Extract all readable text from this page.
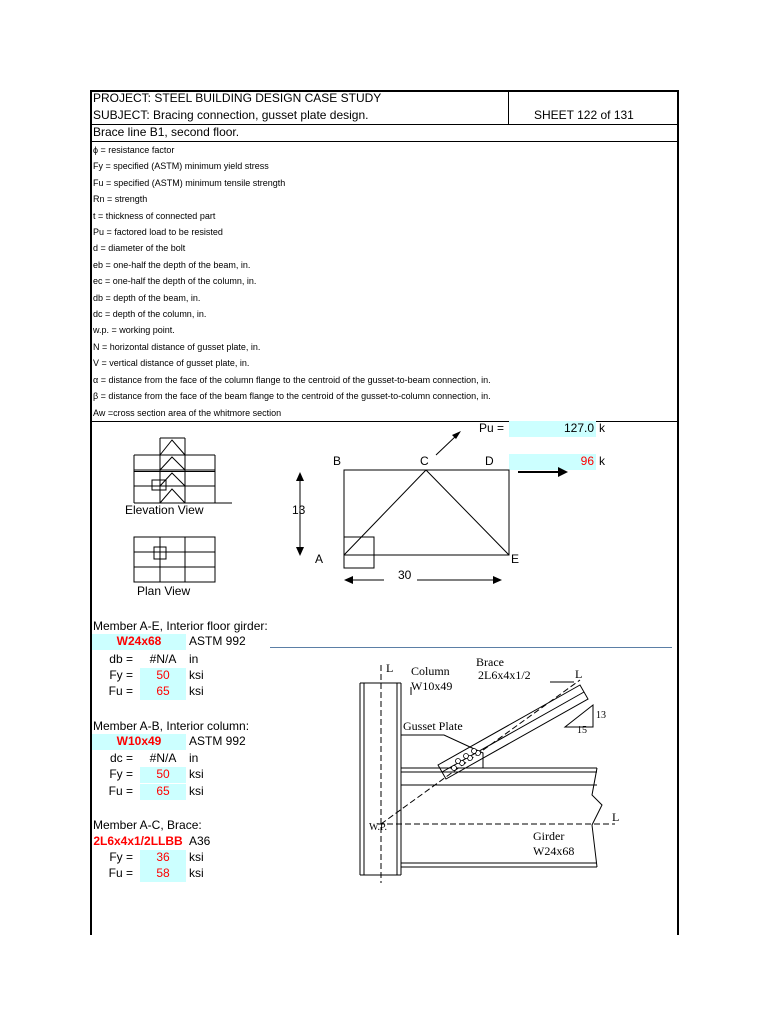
PROJECT: STEEL BUILDING DESIGN CASE STUDY
SUBJECT: Bracing connection, gusset plate design.	SHEET 122 of 131
Brace line B1, second floor.
ϕ = resistance factor
Fy = specified (ASTM) minimum yield stress
Fu = specified (ASTM) minimum tensile strength
Rn = strength
t = thickness of connected part
Pu = factored load to be resisted
d = diameter of the bolt
eb = one-half the depth of the beam, in.
ec = one-half the depth of the column, in.
db = depth of the beam, in.
dc = depth of the column, in.
w.p. = working point.
N = horizontal distance of gusset plate, in.
V = vertical distance of gusset plate, in.
α = distance from the face of the column flange to the centroid of the gusset-to-beam connection, in.
β = distance from the face of the beam flange to the centroid of the gusset-to-column connection, in.
Aw =cross section area of the whitmore section
Pu =	127.0 k
96 k
Elevation View
Plan View
B	C	D
A	E
13
30
Member A-E, Interior floor girder:
W24x68	ASTM 992
db =	#N/A	in
Fy =	50	ksi
Fu =	65	ksi
Member A-B, Interior column:
W10x49	ASTM 992
dc =	#N/A	in
Fy =	50	ksi
Fu =	65	ksi
Member A-C, Brace:
2L6x4x1/2LLBB A36
Fy =	36	ksi
Fu =	58	ksi
L	L
L
Column
W10x49
Brace
2L6x4x1/2
Gusset Plate
13
15
W.P.
Girder
W24x68
